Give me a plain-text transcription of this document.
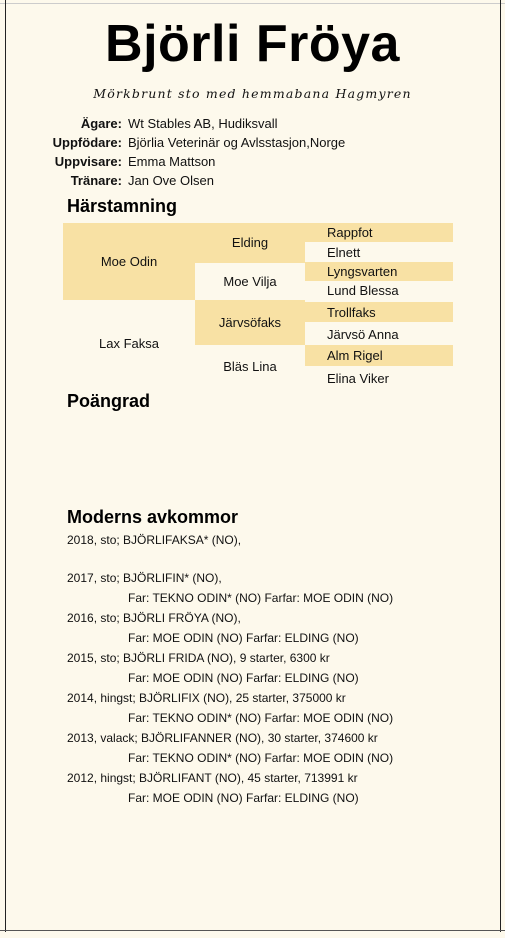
Björli Fröya
Mörkbrunt sto med hemmabana Hagmyren
Ägare: Wt Stables AB, Hudiksvall
Uppfödare: Björlia Veterinär og Avlsstasjon,Norge
Uppvisare: Emma Mattson
Tränare: Jan Ove Olsen
Härstamning
Moe Odin
Lax Faksa
Elding
Moe Vilja
Järvsöfaks
Bläs Lina
Rappfot
Elnett
Lyngsvarten
Lund Blessa
Trollfaks
Järvsö Anna
Alm Rigel
Elina Viker
Poängrad
Moderns avkommor
2018, sto; BJÖRLIFAKSA* (NO),
2017, sto; BJÖRLIFIN* (NO),
Far: TEKNO ODIN* (NO) Farfar: MOE ODIN (NO)
2016, sto; BJÖRLI FRÖYA (NO),
Far: MOE ODIN (NO) Farfar: ELDING (NO)
2015, sto; BJÖRLI FRIDA (NO), 9 starter, 6300 kr
Far: MOE ODIN (NO) Farfar: ELDING (NO)
2014, hingst; BJÖRLIFIX (NO), 25 starter, 375000 kr
Far: TEKNO ODIN* (NO) Farfar: MOE ODIN (NO)
2013, valack; BJÖRLIFANNER (NO), 30 starter, 374600 kr
Far: TEKNO ODIN* (NO) Farfar: MOE ODIN (NO)
2012, hingst; BJÖRLIFANT (NO), 45 starter, 713991 kr
Far: MOE ODIN (NO) Farfar: ELDING (NO)
